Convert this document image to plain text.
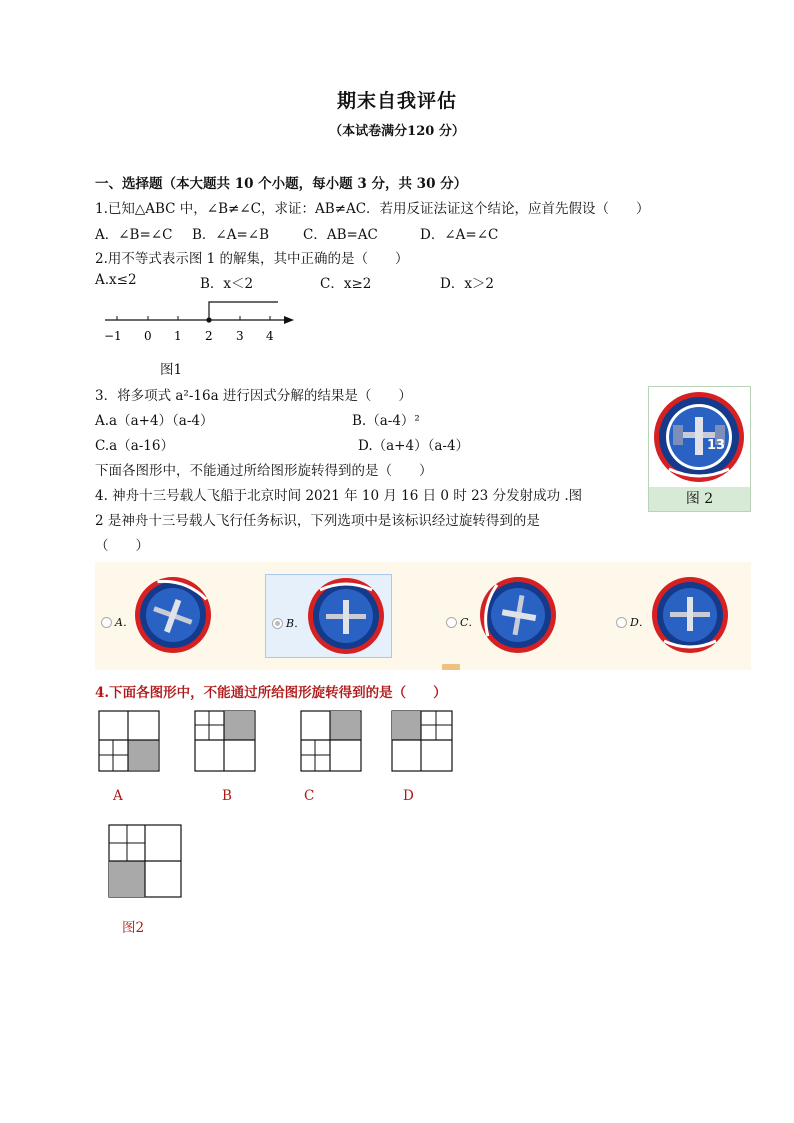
期末自我评估
（本试卷满分120 分）
一、选择题（本大题共 10 个小题，每小题 3 分，共 30 分）
1.已知△ABC 中，∠B≠∠C，求证：AB≠AC．若用反证法证这个结论，应首先假设（　　）
A．∠B=∠C B．∠A=∠B	C．AB=AC	D．∠A=∠C
2.用不等式表示图 1 的解集，其中正确的是（　　）
A.x≤2	B．x＜2	C．x≥2	D．x＞2
−1 0 1 2 3 4
图1
3．将多项式 a²-16a 进行因式分解的结果是（　　）
A.a（a+4）（a-4）	B.（a-4）²
C.a（a-16）	D.（a+4）（a-4）
下面各图形中，不能通过所给图形旋转得到的是（　　）
4. 神舟十三号载人飞船于北京时间 2021 年 10 月 16 日 0 时 23 分发射成功 .图
2 是神舟十三号载人飞行任务标识，下列选项中是该标识经过旋转得到的是
（　　）
13
图 2
A．	B．	C．	D．
4.下面各图形中，不能通过所给图形旋转得到的是（　　）
A	B	C	D
图2
